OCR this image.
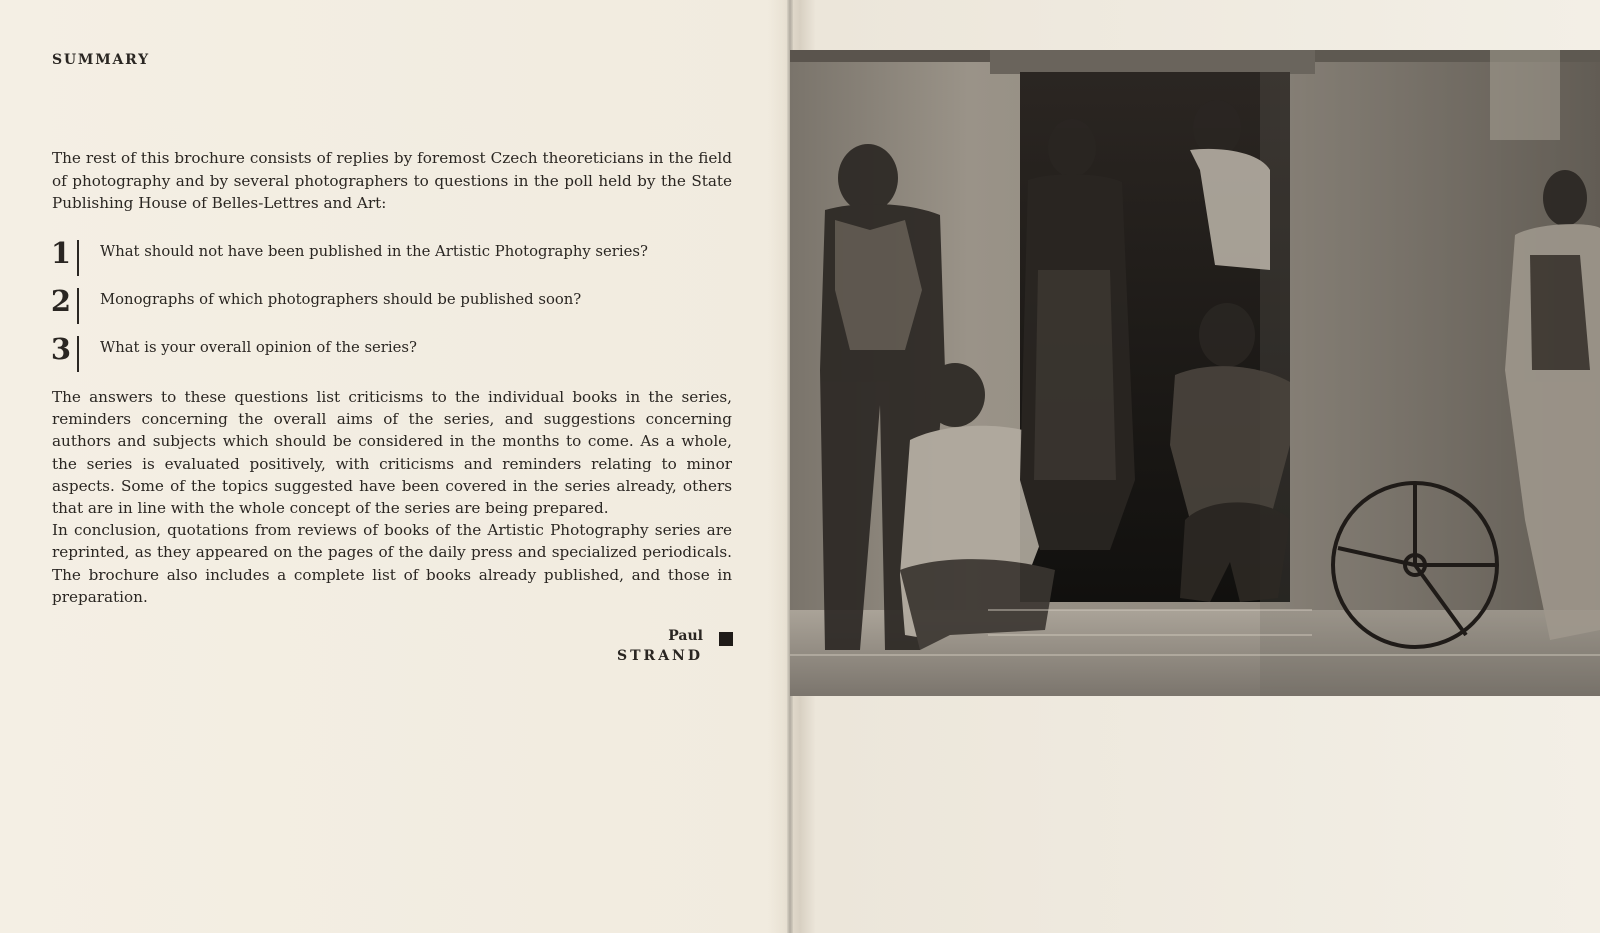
SUMMARY
The rest of this brochure consists of replies by foremost Czech theoreticians in the field of photography and by several photographers to questions in the poll held by the State Publishing House of Belles-Lettres and Art:
1 What should not have been published in the Artistic Photography series?
2 Monographs of which photographers should be published soon?
3 What is your overall opinion of the series?

The answers to these questions list criticisms to the individual books in the series, reminders concerning the overall aims of the series, and suggestions concerning authors and subjects which should be considered in the months to come. As a whole, the series is evaluated positively, with criticisms and reminders relating to minor aspects. Some of the topics suggested have been covered in the series already, others that are in line with the whole concept of the series are being prepared.

In conclusion, quotations from reviews of books of the Artistic Photography series are reprinted, as they appeared on the pages of the daily press and specialized periodicals. The brochure also includes a complete list of books already published, and those in preparation.

Paul
STRAND
